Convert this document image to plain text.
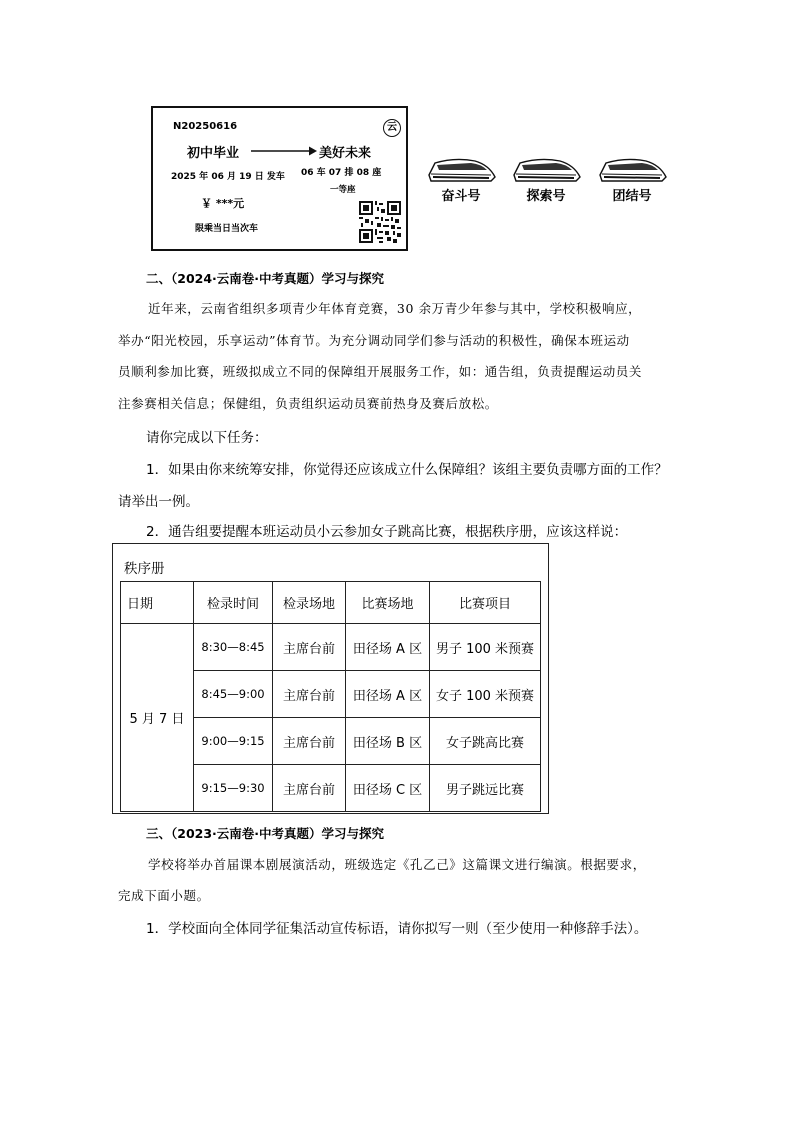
N20250616	云
初中毕业	美好未来
2025 年 06 月 19 日 发车 06 车 07 排 08 座
一等座
￥ ***元
限乘当日当次车
奋斗号	探索号	团结号
二、（2024·云南卷·中考真题）学习与探究
近年来，云南省组织多项青少年体育竞赛，30 余万青少年参与其中，学校积极响应，
举办“阳光校园，乐享运动”体育节。为充分调动同学们参与活动的积极性，确保本班运动
员顺利参加比赛，班级拟成立不同的保障组开展服务工作，如：通告组，负责提醒运动员关
注参赛相关信息；保健组，负责组织运动员赛前热身及赛后放松。
请你完成以下任务：
1．如果由你来统筹安排，你觉得还应该成立什么保障组？该组主要负责哪方面的工作？
请举出一例。
2．通告组要提醒本班运动员小云参加女子跳高比赛，根据秩序册，应该这样说：
秩序册
日期	检录时间	检录场地	比赛场地	比赛项目
5 月 7 日	8:30—8:45	主席台前	田径场 A 区	男子 100 米预赛
	8:45—9:00	主席台前	田径场 A 区	女子 100 米预赛
	9:00—9:15	主席台前	田径场 B 区	女子跳高比赛
	9:15—9:30	主席台前	田径场 C 区	男子跳远比赛
三、（2023·云南卷·中考真题）学习与探究
学校将举办首届课本剧展演活动，班级选定《孔乙己》这篇课文进行编演。根据要求，
完成下面小题。
1．学校面向全体同学征集活动宣传标语，请你拟写一则（至少使用一种修辞手法）。
